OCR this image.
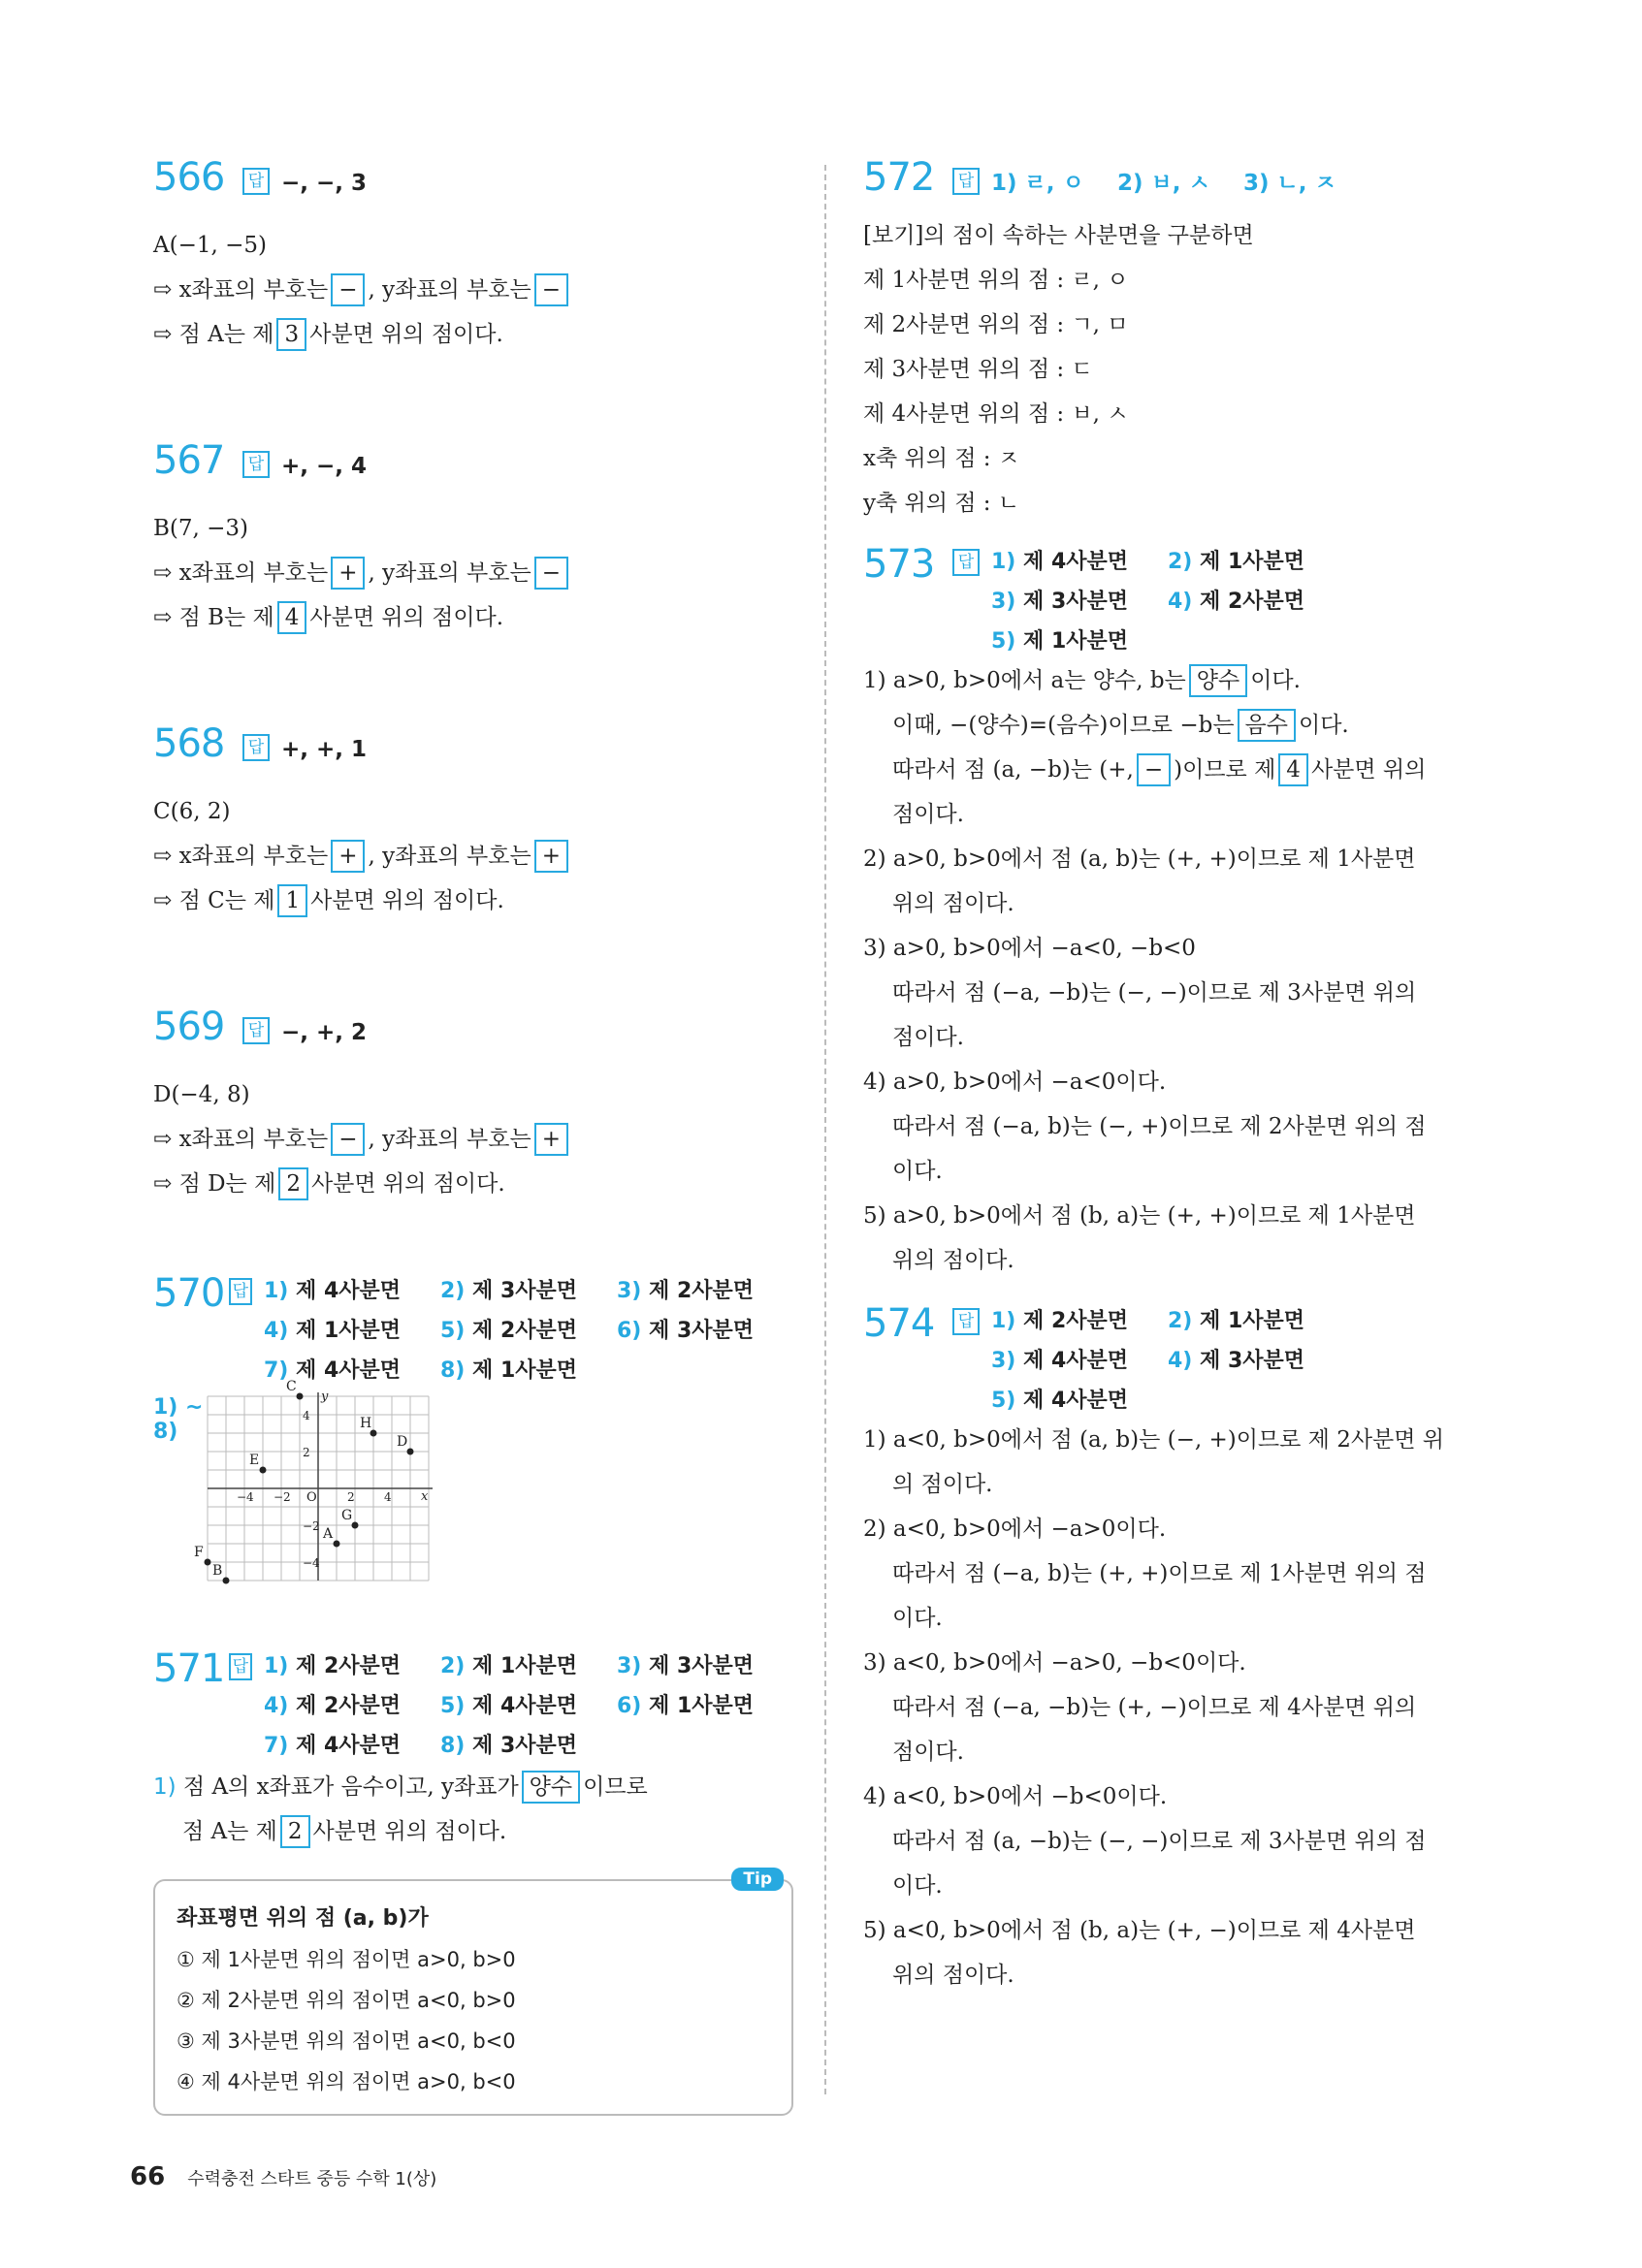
566	답 −, −, 3
A(−1, −5)
⇨ x좌표의 부호는 − , y좌표의 부호는 −
⇨ 점 A는 제 3 사분면 위의 점이다.
567	답 +, −, 4
B(7, −3)
⇨ x좌표의 부호는 + , y좌표의 부호는 −
⇨ 점 B는 제 4 사분면 위의 점이다.
568	답 +, +, 1
C(6, 2)
⇨ x좌표의 부호는 + , y좌표의 부호는 +
⇨ 점 C는 제 1 사분면 위의 점이다.
569	답 −, +, 2
D(−4, 8)
⇨ x좌표의 부호는 − , y좌표의 부호는 +
⇨ 점 D는 제 2 사분면 위의 점이다.
570 답 1) 제 4사분면	2) 제 3사분면	3) 제 2사분면
4) 제 1사분면	5) 제 2사분면	6) 제 3사분면
7) 제 4사분면	8) 제 1사분면
1) ~ 8)
x
y
O
−4 −2	2	4
4
2
−2
−4
A
B
C
D
E
F
G
H
571 답 1) 제 2사분면	2) 제 1사분면	3) 제 3사분면
4) 제 2사분면	5) 제 4사분면	6) 제 1사분면
7) 제 4사분면	8) 제 3사분면
1) 점 A의 x좌표가 음수이고, y좌표가 양수 이므로
점 A는 제 2 사분면 위의 점이다.
Tip
좌표평면 위의 점 (a, b)가
① 제 1사분면 위의 점이면 a>0, b>0
② 제 2사분면 위의 점이면 a<0, b>0
③ 제 3사분면 위의 점이면 a<0, b<0
④ 제 4사분면 위의 점이면 a>0, b<0
572	답 1) ㄹ, ㅇ	2) ㅂ, ㅅ	3) ㄴ, ㅈ
[보기]의 점이 속하는 사분면을 구분하면
제 1사분면 위의 점 : ㄹ, ㅇ
제 2사분면 위의 점 : ㄱ, ㅁ
제 3사분면 위의 점 : ㄷ
제 4사분면 위의 점 : ㅂ, ㅅ
x축 위의 점 : ㅈ
y축 위의 점 : ㄴ
573	답 1) 제 4사분면	2) 제 1사분면
3) 제 3사분면	4) 제 2사분면
5) 제 1사분면
1) a>0, b>0에서 a는 양수, b는 양수 이다.
이때, −(양수)=(음수)이므로 −b는 음수 이다.
따라서 점 (a, −b)는 (+, − )이므로 제 4 사분면 위의
점이다.
2) a>0, b>0에서 점 (a, b)는 (+, +)이므로 제 1사분면
위의 점이다.
3) a>0, b>0에서 −a<0, −b<0
따라서 점 (−a, −b)는 (−, −)이므로 제 3사분면 위의
점이다.
4) a>0, b>0에서 −a<0이다.
따라서 점 (−a, b)는 (−, +)이므로 제 2사분면 위의 점
이다.
5) a>0, b>0에서 점 (b, a)는 (+, +)이므로 제 1사분면
위의 점이다.
574	답 1) 제 2사분면	2) 제 1사분면
3) 제 4사분면	4) 제 3사분면
5) 제 4사분면
1) a<0, b>0에서 점 (a, b)는 (−, +)이므로 제 2사분면 위
의 점이다.
2) a<0, b>0에서 −a>0이다.
따라서 점 (−a, b)는 (+, +)이므로 제 1사분면 위의 점
이다.
3) a<0, b>0에서 −a>0, −b<0이다.
따라서 점 (−a, −b)는 (+, −)이므로 제 4사분면 위의
점이다.
4) a<0, b>0에서 −b<0이다.
따라서 점 (a, −b)는 (−, −)이므로 제 3사분면 위의 점
이다.
5) a<0, b>0에서 점 (b, a)는 (+, −)이므로 제 4사분면
위의 점이다.
66 수력충전 스타트 중등 수학 1(상)
